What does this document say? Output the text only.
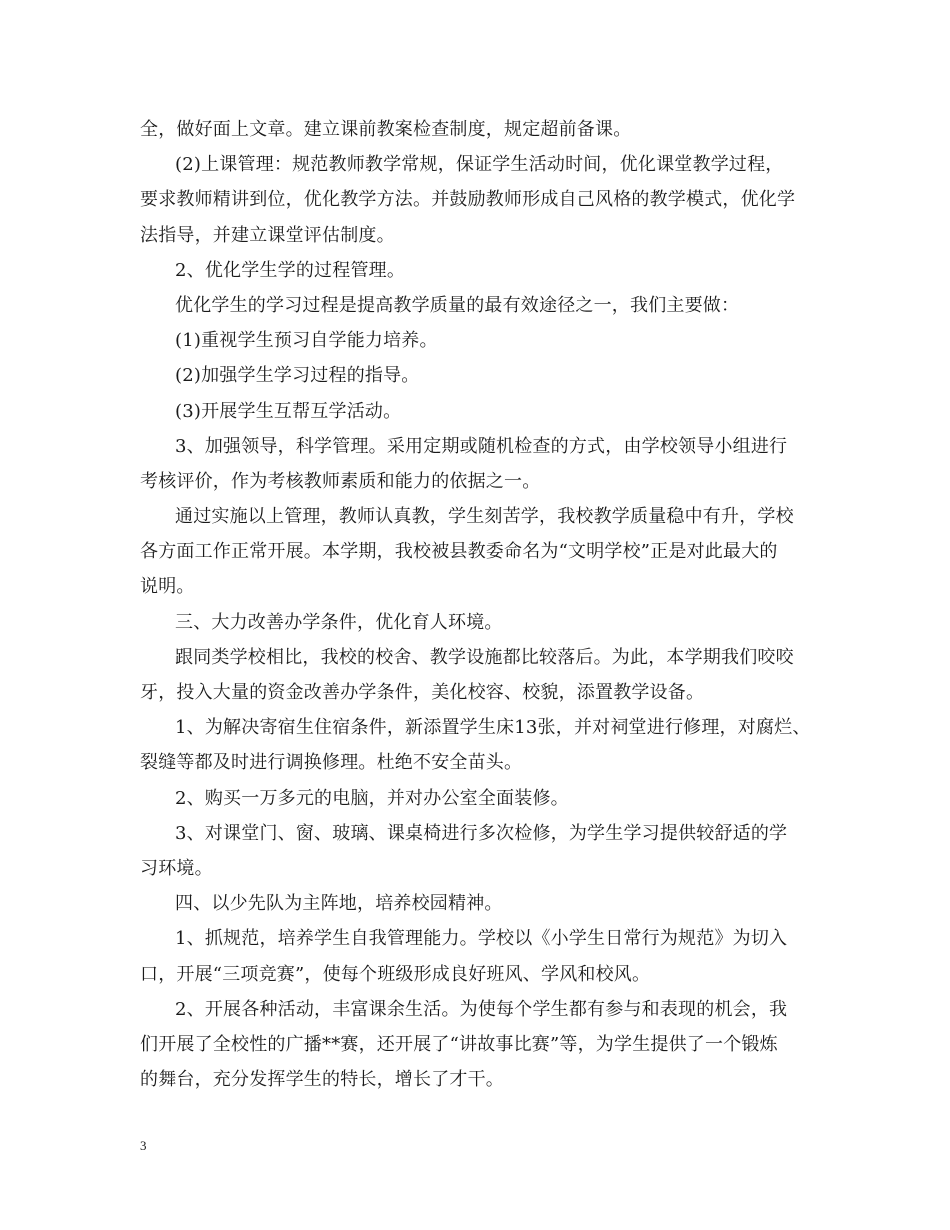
全，做好面上文章。建立课前教案检查制度，规定超前备课。
(2)上课管理：规范教师教学常规，保证学生活动时间，优化课堂教学过程，
要求教师精讲到位，优化教学方法。并鼓励教师形成自己风格的教学模式，优化学
法指导，并建立课堂评估制度。
2、优化学生学的过程管理。
优化学生的学习过程是提高教学质量的最有效途径之一，我们主要做：
(1)重视学生预习自学能力培养。
(2)加强学生学习过程的指导。
(3)开展学生互帮互学活动。
3、加强领导，科学管理。采用定期或随机检查的方式，由学校领导小组进行
考核评价，作为考核教师素质和能力的依据之一。
通过实施以上管理，教师认真教，学生刻苦学，我校教学质量稳中有升，学校
各方面工作正常开展。本学期，我校被县教委命名为“文明学校”正是对此最大的
说明。
三、大力改善办学条件，优化育人环境。
跟同类学校相比，我校的校舍、教学设施都比较落后。为此，本学期我们咬咬
牙，投入大量的资金改善办学条件，美化校容、校貌，添置教学设备。
1、为解决寄宿生住宿条件，新添置学生床13张，并对祠堂进行修理，对腐烂、
裂缝等都及时进行调换修理。杜绝不安全苗头。
2、购买一万多元的电脑，并对办公室全面装修。
3、对课堂门、窗、玻璃、课桌椅进行多次检修，为学生学习提供较舒适的学
习环境。
四、以少先队为主阵地，培养校园精神。
1、抓规范，培养学生自我管理能力。学校以《小学生日常行为规范》为切入
口，开展“三项竞赛”，使每个班级形成良好班风、学风和校风。
2、开展各种活动，丰富课余生活。为使每个学生都有参与和表现的机会，我
们开展了全校性的广播**赛，还开展了“讲故事比赛”等，为学生提供了一个锻炼
的舞台，充分发挥学生的特长，增长了才干。
3
